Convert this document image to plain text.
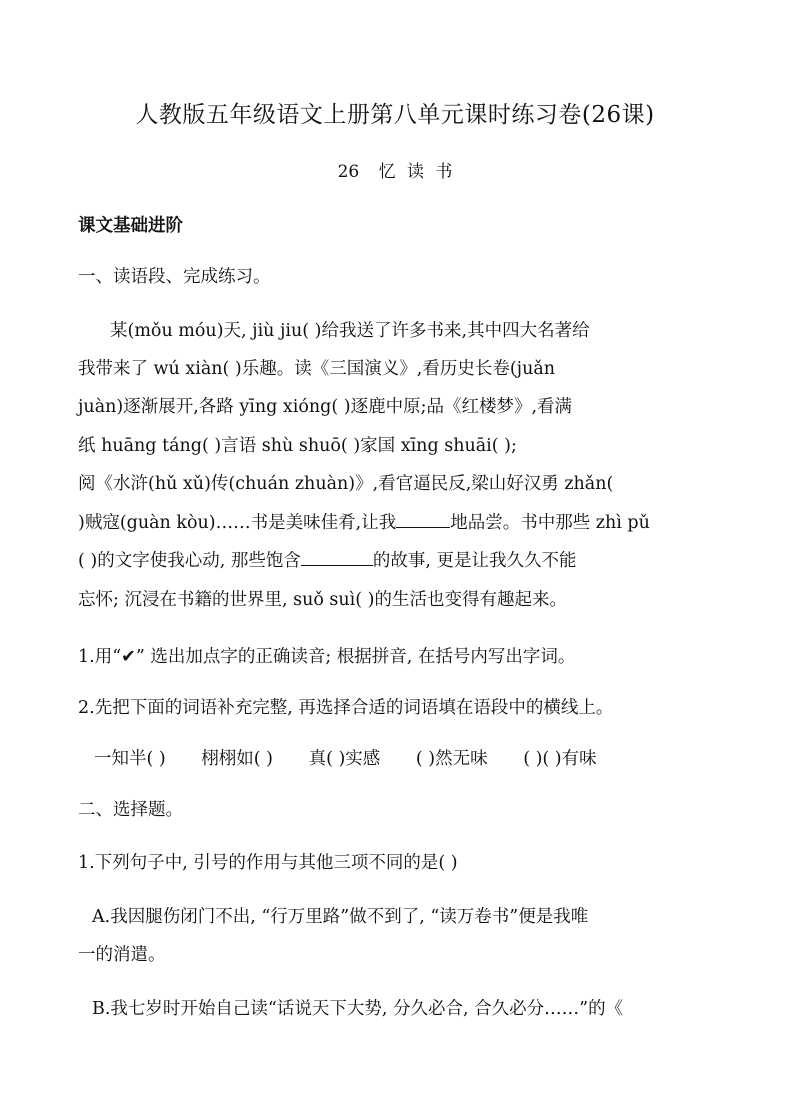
人教版五年级语文上册第八单元课时练习卷(26课)
26 忆 读 书
课文基础进阶
一、读语段、完成练习。
某(mǒu móu)天, jiù jiu( )给我送了许多书来,其中四大名著给
我带来了 wú xiàn( )乐趣。读《三国演义》,看历史长卷(juǎn
juàn)逐渐展开,各路 yīng xióng( )逐鹿中原;品《红楼梦》,看满
纸 huāng táng( )言语 shù shuō( )家国 xīng shuāi( );
阅《水浒(hǔ xǔ)传(chuán zhuàn)》,看官逼民反,梁山好汉勇 zhǎn(
)贼寇(guàn kòu)……书是美味佳肴,让我	地品尝。书中那些 zhì pǔ
( )的文字使我心动, 那些饱含	的故事, 更是让我久久不能
忘怀; 沉浸在书籍的世界里, suǒ suì( )的生活也变得有趣起来。
1.用“✔” 选出加点字的正确读音; 根据拼音, 在括号内写出字词。
2.先把下面的词语补充完整, 再选择合适的词语填在语段中的横线上。
一知半( ) 栩栩如( ) 真( )实感 ( )然无味 ( )( )有味
二、选择题。
1.下列句子中, 引号的作用与其他三项不同的是( )
A.我因腿伤闭门不出, “行万里路”做不到了, “读万卷书”便是我唯
一的消遣。
B.我七岁时开始自己读“话说天下大势, 分久必合, 合久必分……”的《
